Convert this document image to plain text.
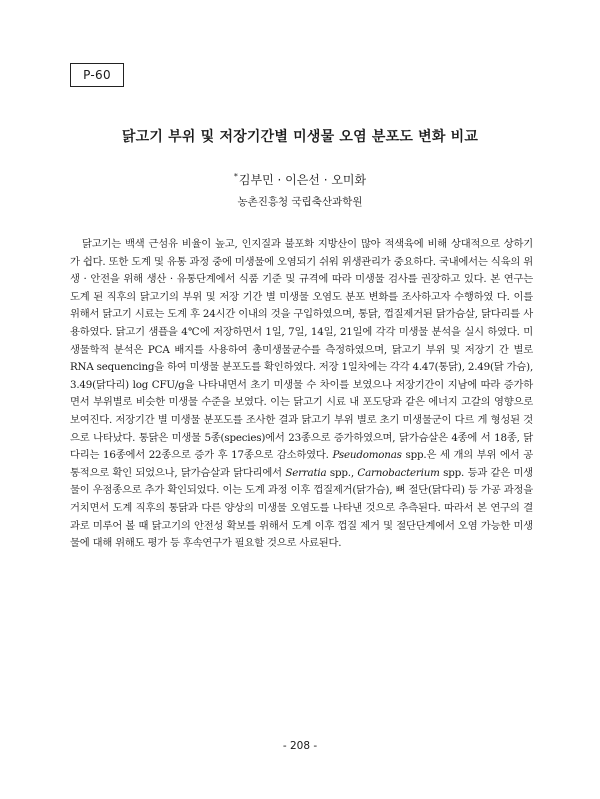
P-60
닭고기 부위 및 저장기간별 미생물 오염 분포도 변화 비교
*김부민 · 이은선 · 오미화
농촌진흥청 국립축산과학원

닭고기는 백색 근섬유 비율이 높고, 인지질과 불포화 지방산이 많아 적색육에 비해 상대적으로 상하기 가 쉽다. 또한 도계 및 유통 과정 중에 미생물에 오염되기 쉬워 위생관리가 중요하다. 국내에서는 식육의 위생 · 안전을 위해 생산 · 유통단계에서 식품 기준 및 규격에 따라 미생물 검사를 권장하고 있다. 본 연구는 도계 된 직후의 닭고기의 부위 및 저장 기간 별 미생물 오염도 분포 변화를 조사하고자 수행하였 다. 이를 위해서 닭고기 시료는 도계 후 24시간 이내의 것을 구입하였으며, 통닭, 껍질제거된 닭가슴살, 닭다리를 사용하였다. 닭고기 샘플을 4℃에 저장하면서 1일, 7일, 14일, 21일에 각각 미생물 분석을 실시 하였다. 미생물학적 분석은 PCA 배지를 사용하여 총미생물균수를 측정하였으며, 닭고기 부위 및 저장기 간 별로 RNA sequencing을 하여 미생물 분포도를 확인하였다. 저장 1일차에는 각각 4.47(통닭), 2.49(닭 가슴), 3.49(닭다리) log CFU/g을 나타내면서 초기 미생물 수 차이를 보였으나 저장기간이 지남에 따라 증가하면서 부위별로 비슷한 미생물 수준을 보였다. 이는 닭고기 시료 내 포도당과 같은 에너지 고갈의 영향으로 보여진다. 저장기간 별 미생물 분포도를 조사한 결과 닭고기 부위 별로 초기 미생물군이 다르 게 형성된 것으로 나타났다. 통닭은 미생물 5종(species)에서 23종으로 증가하였으며, 닭가슴살은 4종에 서 18종, 닭다리는 16종에서 22종으로 증가 후 17종으로 감소하였다. Pseudomonas spp.은 세 개의 부위 에서 공통적으로 확인 되었으나, 닭가슴살과 닭다리에서 Serratia spp., Carnobacterium spp. 등과 같은 미생물이 우점종으로 추가 확인되었다. 이는 도계 과정 이후 껍질제거(닭가슴), 뼈 절단(닭다리) 등 가공 과정을 거치면서 도계 직후의 통닭과 다른 양상의 미생물 오염도를 나타낸 것으로 추측된다. 따라서 본 연구의 결과로 미루어 볼 때 닭고기의 안전성 확보를 위해서 도계 이후 껍질 제거 및 절단단계에서 오염 가능한 미생물에 대해 위해도 평가 등 후속연구가 필요할 것으로 사료된다.

- 208 -
